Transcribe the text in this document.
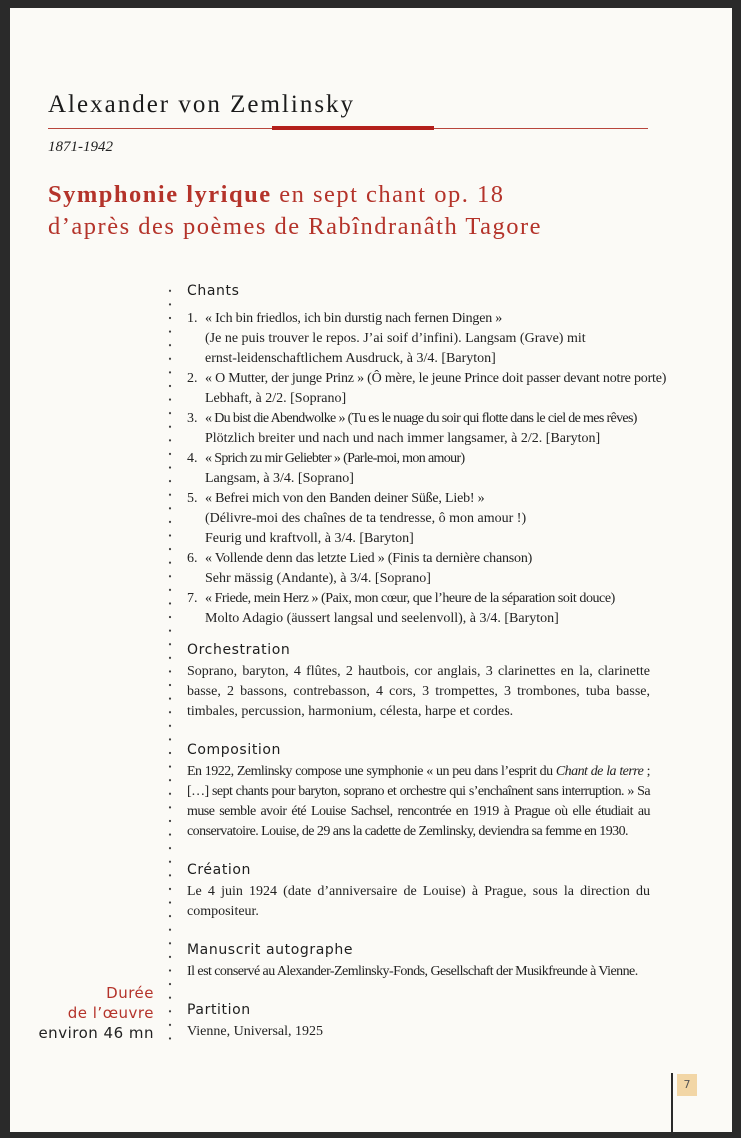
Alexander von Zemlinsky
1871-1942
Symphonie lyrique en sept chant op. 18
d’après des poèmes de Rabîndranâth Tagore
Chants
1. « Ich bin friedlos, ich bin durstig nach fernen Dingen »
(Je ne puis trouver le repos. J’ai soif d’infini). Langsam (Grave) mit
ernst-leidenschaftlichem Ausdruck, à 3/4. [Baryton]
2. « O Mutter, der junge Prinz » (Ô mère, le jeune Prince doit passer devant notre porte)
Lebhaft, à 2/2. [Soprano]
3. « Du bist die Abendwolke » (Tu es le nuage du soir qui flotte dans le ciel de mes rêves)
Plötzlich breiter und nach und nach immer langsamer, à 2/2. [Baryton]
4. « Sprich zu mir Geliebter » (Parle-moi, mon amour)
Langsam, à 3/4. [Soprano]
5. « Befrei mich von den Banden deiner Süße, Lieb! »
(Délivre-moi des chaînes de ta tendresse, ô mon amour !)
Feurig und kraftvoll, à 3/4. [Baryton]
6. « Vollende denn das letzte Lied » (Finis ta dernière chanson)
Sehr mässig (Andante), à 3/4. [Soprano]
7. « Friede, mein Herz » (Paix, mon cœur, que l’heure de la séparation soit douce)
Molto Adagio (äussert langsal und seelenvoll), à 3/4. [Baryton]
Orchestration
Soprano, baryton, 4 flûtes, 2 hautbois, cor anglais, 3 clarinettes en la, clarinette basse, 2 bassons, contrebasson, 4 cors, 3 trompettes, 3 trombones, tuba basse, timbales, percussion, harmonium, célesta, harpe et cordes.
Composition
En 1922, Zemlinsky compose une symphonie « un peu dans l’esprit du Chant de la terre ; […] sept chants pour baryton, soprano et orchestre qui s’enchaînent sans interruption. » Sa muse semble avoir été Louise Sachsel, rencontrée en 1919 à Prague où elle étudiait au conservatoire. Louise, de 29 ans la cadette de Zemlinsky, deviendra sa femme en 1930.
Création
Le 4 juin 1924 (date d’anniversaire de Louise) à Prague, sous la direction du compositeur.
Manuscrit autographe
Il est conservé au Alexander-Zemlinsky-Fonds, Gesellschaft der Musikfreunde à Vienne.
Partition
Vienne, Universal, 1925
Durée
de l’œuvre
environ 46 mn
7
